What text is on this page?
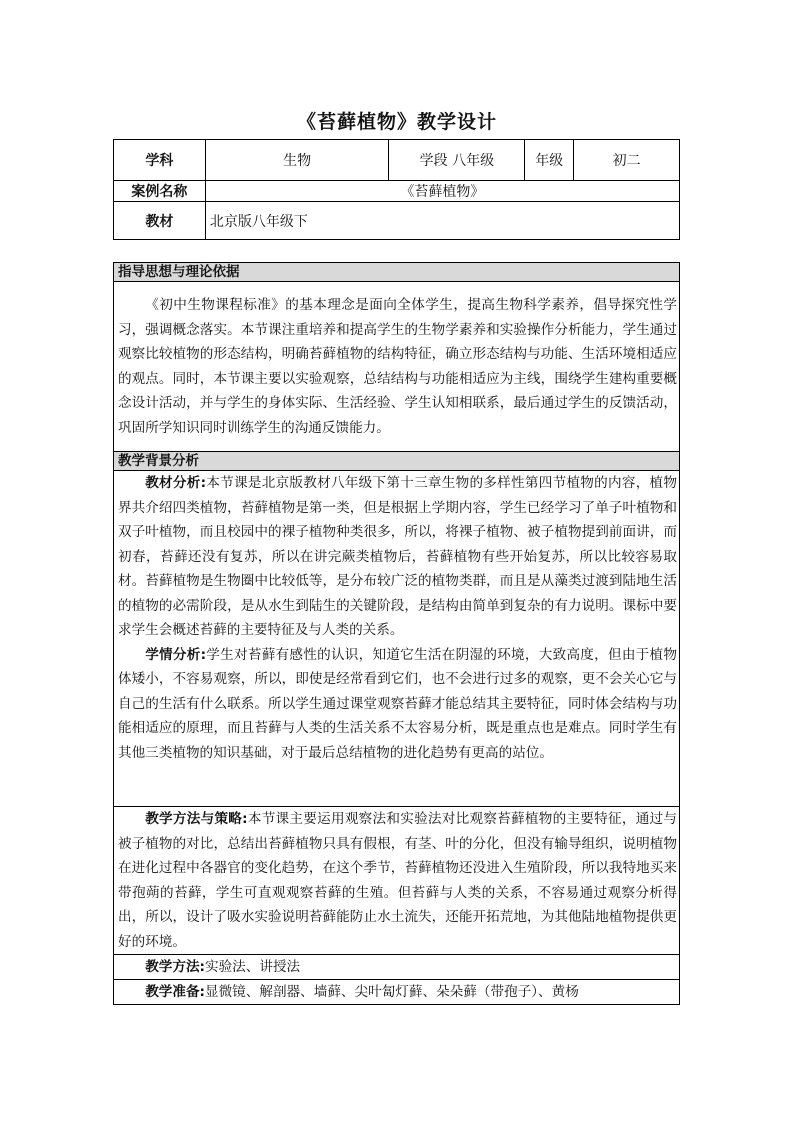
《苔藓植物》教学设计
学科	生物	学段 八年级	年级	初二
案例名称	《苔藓植物》			
教材	北京版八年级下			
指导思想与理论依据

《初中生物课程标准》的基本理念是面向全体学生，提高生物科学素养，倡导探究性学习，强调概念落实。本节课注重培养和提高学生的生物学素养和实验操作分析能力，学生通过观察比较植物的形态结构，明确苔藓植物的结构特征，确立形态结构与功能、生活环境相适应的观点。同时，本节课主要以实验观察，总结结构与功能相适应为主线，围绕学生建构重要概念设计活动，并与学生的身体实际、生活经验、学生认知相联系，最后通过学生的反馈活动，巩固所学知识同时训练学生的沟通反馈能力。

教学背景分析

教材分析:本节课是北京版教材八年级下第十三章生物的多样性第四节植物的内容，植物界共介绍四类植物，苔藓植物是第一类，但是根据上学期内容，学生已经学习了单子叶植物和双子叶植物，而且校园中的裸子植物种类很多，所以，将裸子植物、被子植物提到前面讲，而初春，苔藓还没有复苏，所以在讲完蕨类植物后，苔藓植物有些开始复苏，所以比较容易取材。苔藓植物是生物圈中比较低等，是分布较广泛的植物类群，而且是从藻类过渡到陆地生活的植物的必需阶段，是从水生到陆生的关键阶段，是结构由简单到复杂的有力说明。课标中要求学生会概述苔藓的主要特征及与人类的关系。

学情分析:学生对苔藓有感性的认识，知道它生活在阴湿的环境，大致高度，但由于植物体矮小，不容易观察，所以，即使是经常看到它们，也不会进行过多的观察，更不会关心它与自己的生活有什么联系。所以学生通过课堂观察苔藓才能总结其主要特征，同时体会结构与功能相适应的原理，而且苔藓与人类的生活关系不太容易分析，既是重点也是难点。同时学生有其他三类植物的知识基础，对于最后总结植物的进化趋势有更高的站位。

教学方法与策略:本节课主要运用观察法和实验法对比观察苔藓植物的主要特征，通过与被子植物的对比，总结出苔藓植物只具有假根，有茎、叶的分化，但没有输导组织，说明植物在进化过程中各器官的变化趋势，在这个季节，苔藓植物还没进入生殖阶段，所以我特地买来带孢蒴的苔藓，学生可直观观察苔藓的生殖。但苔藓与人类的关系，不容易通过观察分析得出，所以，设计了吸水实验说明苔藓能防止水土流失，还能开拓荒地，为其他陆地植物提供更好的环境。

教学方法:实验法、讲授法
教学准备:显微镜、解剖器、墙藓、尖叶匐灯藓、朵朵藓（带孢子）、黄杨
